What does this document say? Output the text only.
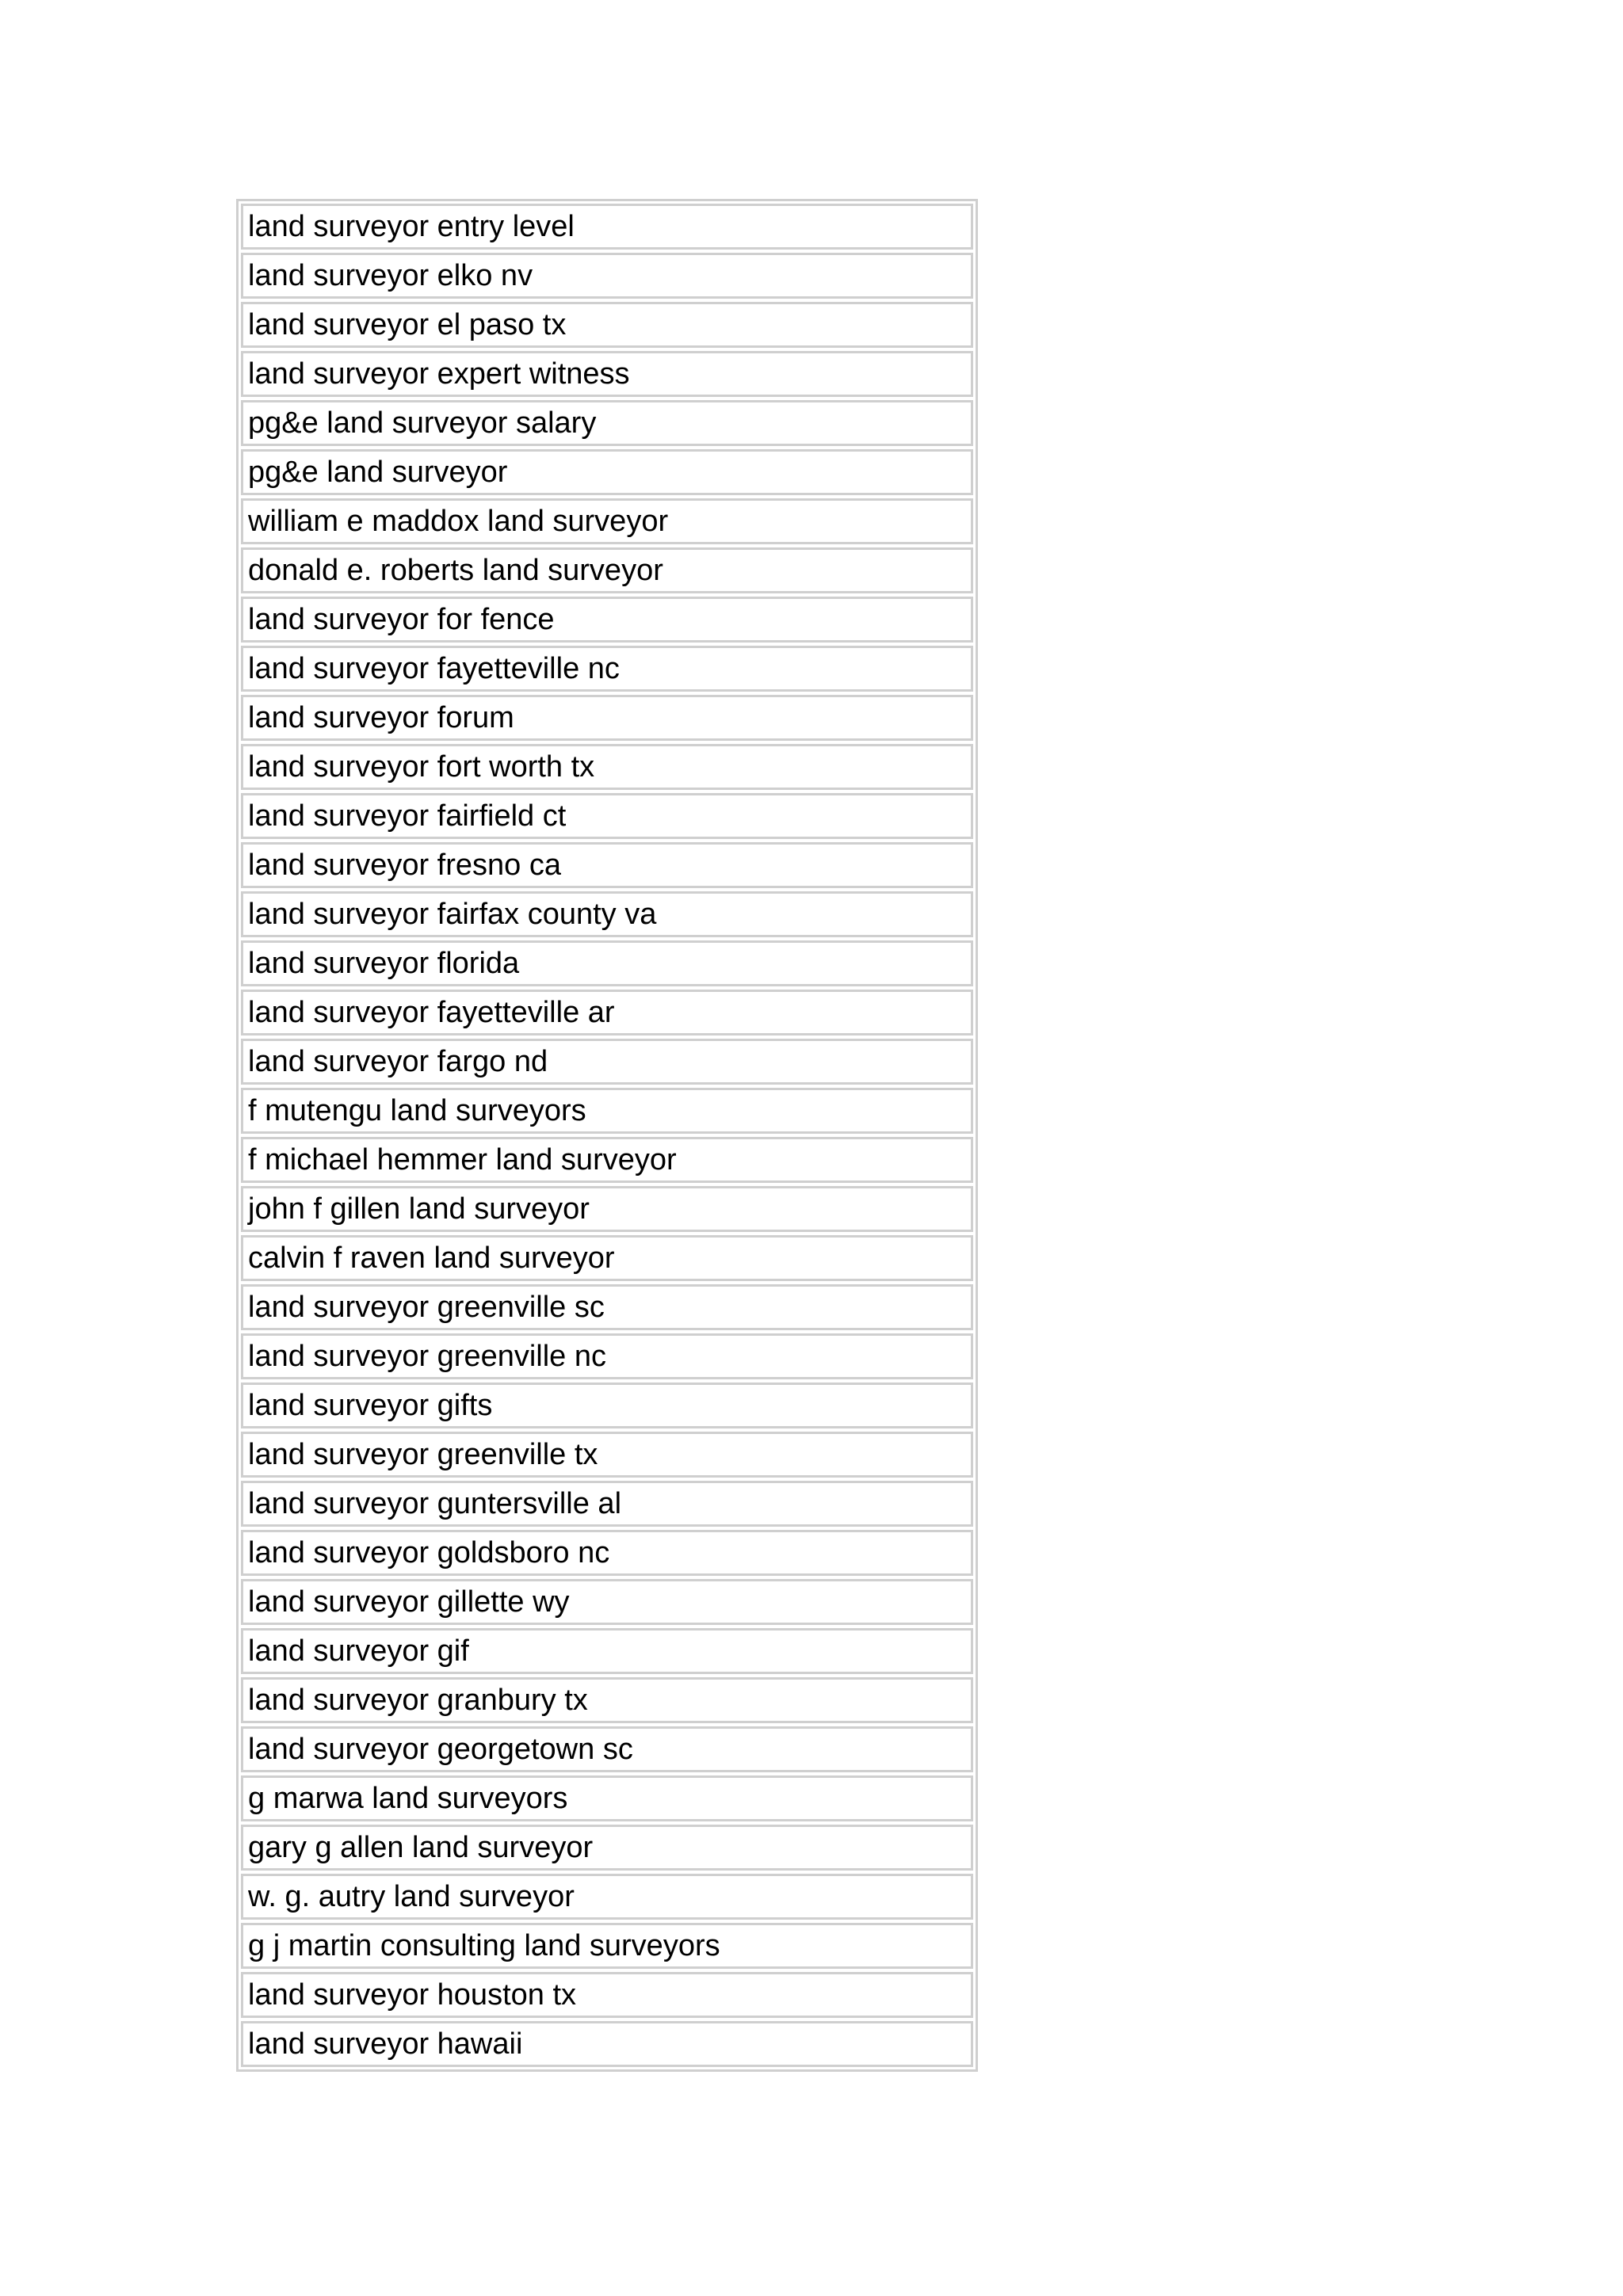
land surveyor entry level
land surveyor elko nv
land surveyor el paso tx
land surveyor expert witness
pg&e land surveyor salary
pg&e land surveyor
william e maddox land surveyor
donald e. roberts land surveyor
land surveyor for fence
land surveyor fayetteville nc
land surveyor forum
land surveyor fort worth tx
land surveyor fairfield ct
land surveyor fresno ca
land surveyor fairfax county va
land surveyor florida
land surveyor fayetteville ar
land surveyor fargo nd
f mutengu land surveyors
f michael hemmer land surveyor
john f gillen land surveyor
calvin f raven land surveyor
land surveyor greenville sc
land surveyor greenville nc
land surveyor gifts
land surveyor greenville tx
land surveyor guntersville al
land surveyor goldsboro nc
land surveyor gillette wy
land surveyor gif
land surveyor granbury tx
land surveyor georgetown sc
g marwa land surveyors
gary g allen land surveyor
w. g. autry land surveyor
g j martin consulting land surveyors
land surveyor houston tx
land surveyor hawaii
